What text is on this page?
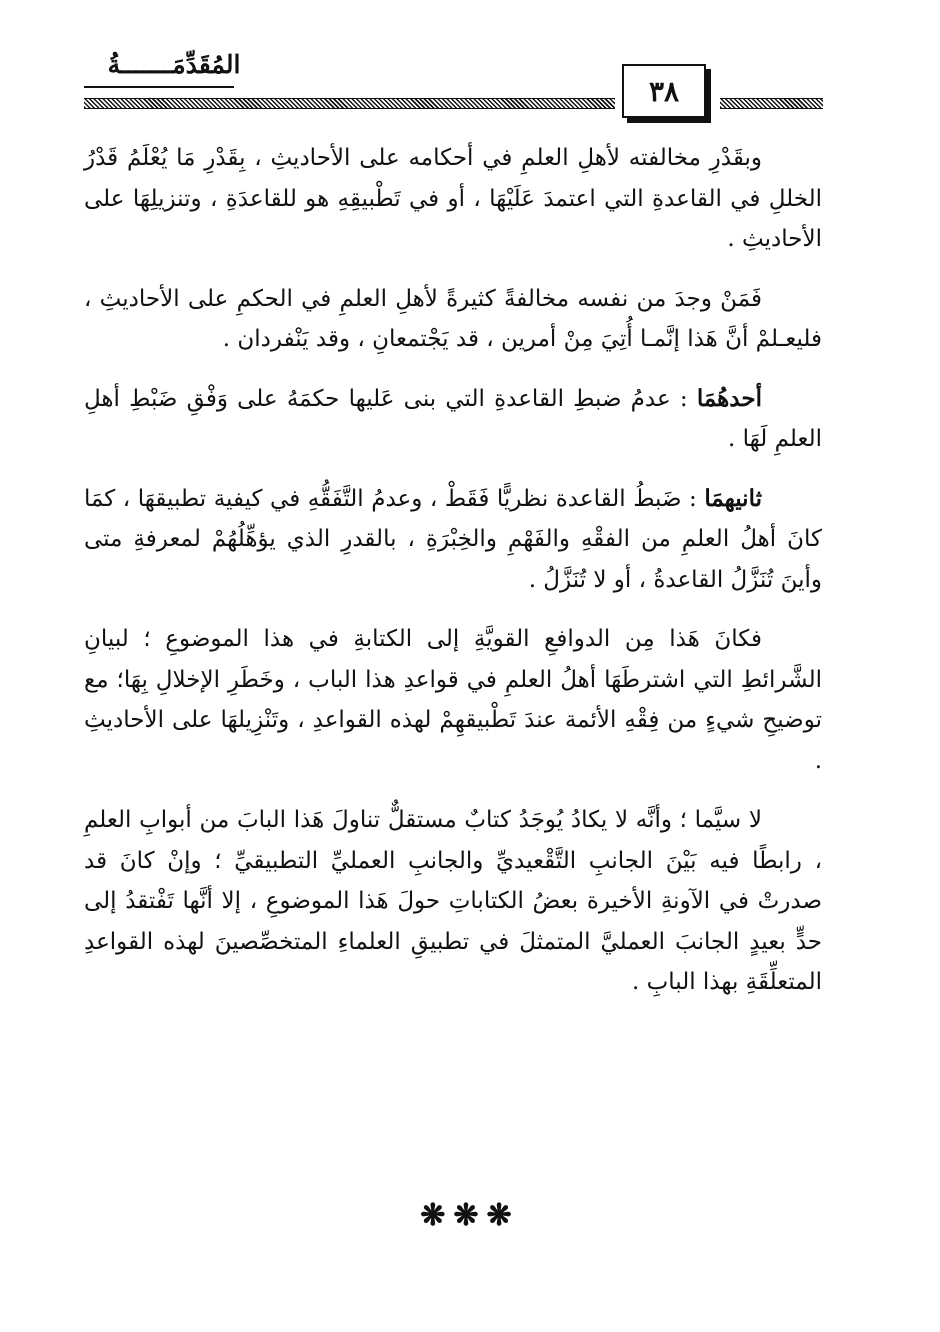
المُقَدِّمَـــــــةُ
٣٨

وبقَدْرِ مخالفته لأهلِ العلمِ في أحكامه على الأحاديثِ ، بِقَدْرِ مَا يُعْلَمُ قَدْرُ الخللِ في القاعدةِ التي اعتمدَ عَلَيْهَا ، أو في تَطْبيقِهِ هو للقاعدَةِ ، وتنزيلِهَا على الأحاديثِ .

فَمَنْ وجدَ من نفسه مخالفةً كثيرةً لأهلِ العلمِ في الحكمِ على الأحاديثِ ، فليعـلمْ أنَّ هَذا إنَّمـا أُتِيَ مِنْ أمرين ، قد يَجْتمعانِ ، وقد يَنْفردان .

أحدهُمَا : عدمُ ضبطِ القاعدةِ التي بنى عَليها حكمَهُ على وَفْقِ ضَبْطِ أهلِ العلمِ لَهَا .

ثانيهمَا : ضَبطُ القاعدة نظريًّا فَقَطْ ، وعدمُ التَّفَقُّهِ في كيفية تطبيقهَا ، كمَا كانَ أهلُ العلمِ من الفقْهِ والفَهْمِ والخِبْرَةِ ، بالقدرِ الذي يؤهِّلُهُمْ لمعرفةِ متى وأينَ تُنَزَّلُ القاعدةُ ، أو لا تُنَزَّلُ .

فكانَ هَذا مِن الدوافعِ القويَّةِ إلى الكتابةِ في هذا الموضوعِ ؛ لبيانِ الشَّرائطِ التي اشترطَهَا أهلُ العلمِ في قواعدِ هذا الباب ، وخَطَرِ الإخلالِ بِهَا؛ مع توضيحِ شيءٍ من فِقْهِ الأئمة عندَ تَطْبيقهِمْ لهذه القواعدِ ، وتَنْزِيلهَا على الأحاديثِ .

لا سيَّما ؛ وأنَّه لا يكادُ يُوجَدُ كتابٌ مستقلٌّ تناولَ هَذا البابَ من أبوابِ العلمِ ، رابطًا فيه بَيْنَ الجانبِ التَّقْعيديِّ والجانبِ العمليِّ التطبيقيِّ ؛ وإنْ كانَ قد صدرتْ في الآونةِ الأخيرة بعضُ الكتاباتِ حولَ هَذا الموضوعِ ، إلا أنَّها تَفْتقدُ إلى حدٍّ بعيدٍ الجانبَ العمليَّ المتمثلَ في تطبيقِ العلماءِ المتخصِّصينَ لهذه القواعدِ المتعلِّقَةِ بهذا البابِ .

❋❋❋
